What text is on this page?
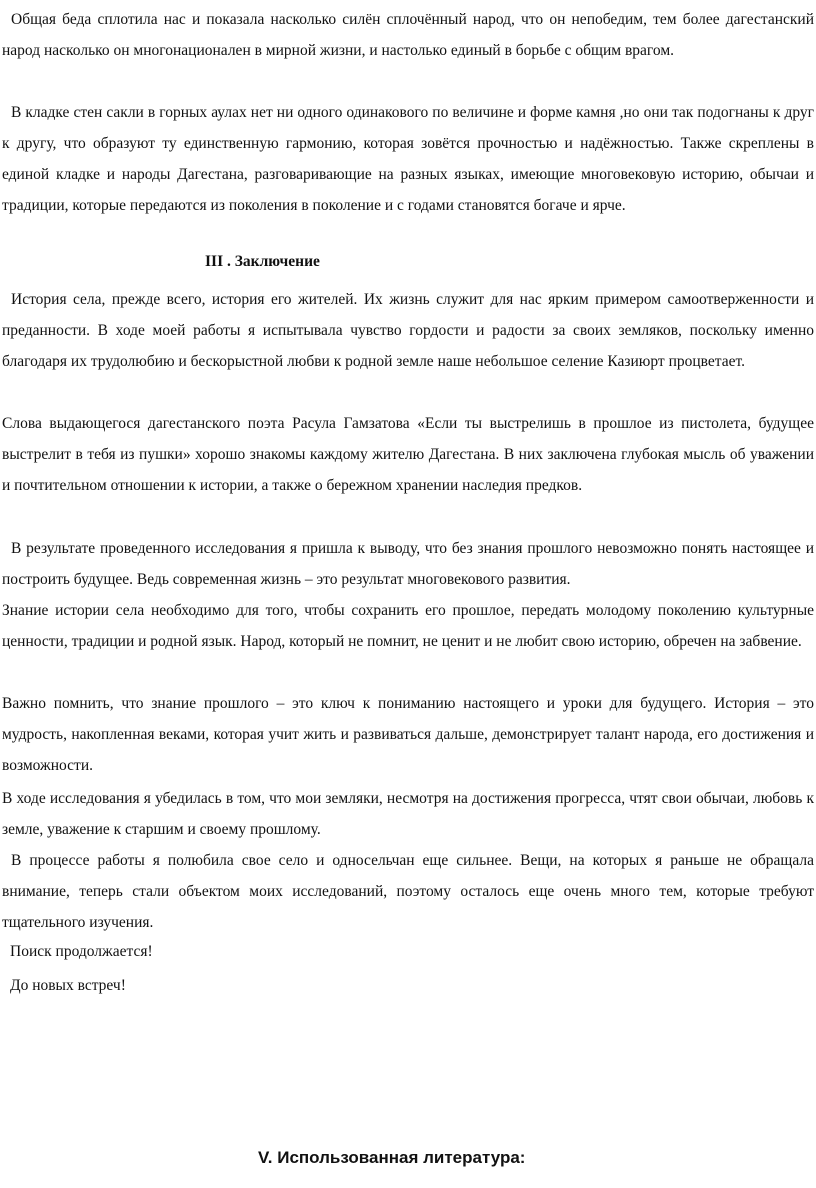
Общая беда сплотила нас и показала насколько силён сплочённый народ, что он непобедим, тем более дагестанский народ насколько он многонационален в мирной жизни, и настолько единый в борьбе с общим врагом.

В кладке стен сакли в горных аулах нет ни одного одинакового по величине и форме камня ,но они так подогнаны к друг к другу, что образуют ту единственную гармонию, которая зовётся прочностью и надёжностью. Также скреплены в единой кладке и народы Дагестана, разговаривающие на разных языках, имеющие многовековую историю, обычаи и традиции, которые передаются из поколения в поколение и с годами становятся богаче и ярче.

III . Заключение

История села, прежде всего, история его жителей. Их жизнь служит для нас ярким примером самоотверженности и преданности. В ходе моей работы я испытывала чувство гордости и радости за своих земляков, поскольку именно благодаря их трудолюбию и бескорыстной любви к родной земле наше небольшое селение Казиюрт процветает.

Слова выдающегося дагестанского поэта Расула Гамзатова «Если ты выстрелишь в прошлое из пистолета, будущее выстрелит в тебя из пушки» хорошо знакомы каждому жителю Дагестана. В них заключена глубокая мысль об уважении и почтительном отношении к истории, а также о бережном хранении наследия предков.

В результате проведенного исследования я пришла к выводу, что без знания прошлого невозможно понять настоящее и построить будущее. Ведь современная жизнь – это результат многовекового развития.

Знание истории села необходимо для того, чтобы сохранить его прошлое, передать молодому поколению культурные ценности, традиции и родной язык. Народ, который не помнит, не ценит и не любит свою историю, обречен на забвение.

Важно помнить, что знание прошлого – это ключ к пониманию настоящего и уроки для будущего. История – это мудрость, накопленная веками, которая учит жить и развиваться дальше, демонстрирует талант народа, его достижения и возможности.

В ходе исследования я убедилась в том, что мои земляки, несмотря на достижения прогресса, чтят свои обычаи, любовь к земле, уважение к старшим и своему прошлому.

В процессе работы я полюбила свое село и односельчан еще сильнее. Вещи, на которых я раньше не обращала внимание, теперь стали объектом моих исследований, поэтому осталось еще очень много тем, которые требуют тщательного изучения.

Поиск продолжается!

До новых встреч!

V. Использованная литература:
